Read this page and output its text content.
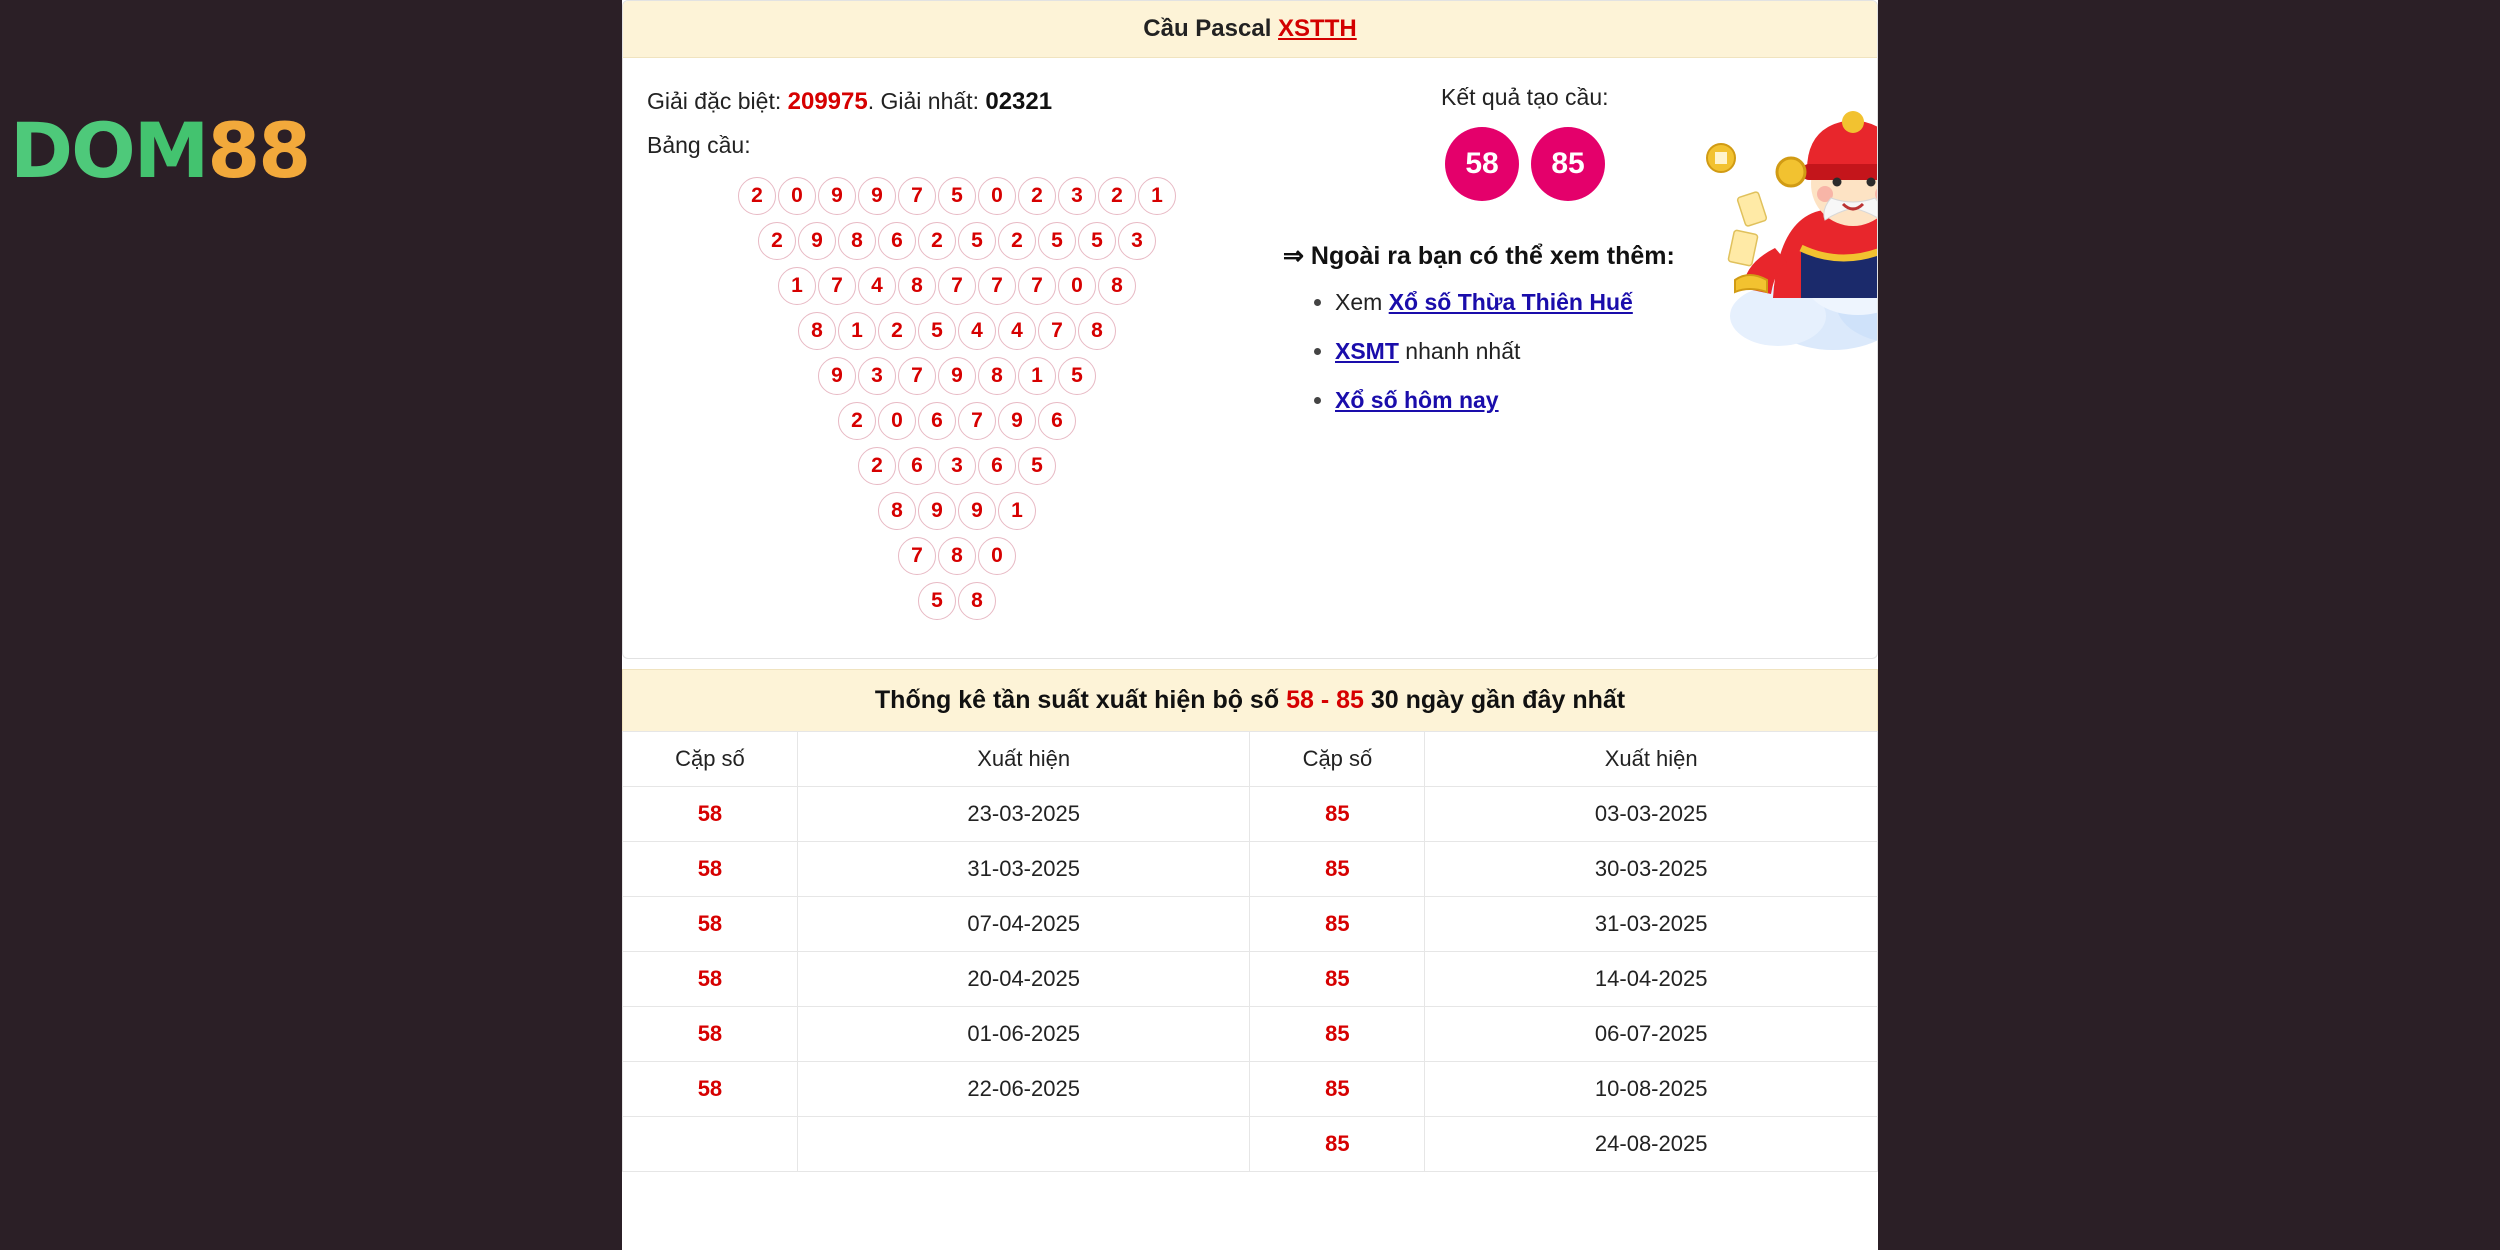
DOM88
Cầu Pascal XSTTH
Giải đặc biệt: 209975. Giải nhất: 02321
Bảng cầu:
2	0	9	9	7	5	0	2	3	2	1
2	9	8	6	2	5	2	5	5	3
1	7	4	8	7	7	7	0	8
8	1	2	5	4	4	7	8
9	3	7	9	8	1	5
2	0	6	7	9	6
2	6	3	6	5
8	9	9	1
7	8	0
5	8
Kết quả tạo cầu:
58	85
⇒ Ngoài ra bạn có thể xem thêm:
• Xem Xổ số Thừa Thiên Huế
• XSMT nhanh nhất
• Xổ số hôm nay
Thống kê tần suất xuất hiện bộ số 58 - 85 30 ngày gần đây nhất
Cặp số	Xuất hiện	Cặp số	Xuất hiện
58	23-03-2025	85	03-03-2025
58	31-03-2025	85	30-03-2025
58	07-04-2025	85	31-03-2025
58	20-04-2025	85	14-04-2025
58	01-06-2025	85	06-07-2025
58	22-06-2025	85	10-08-2025
		85	24-08-2025
